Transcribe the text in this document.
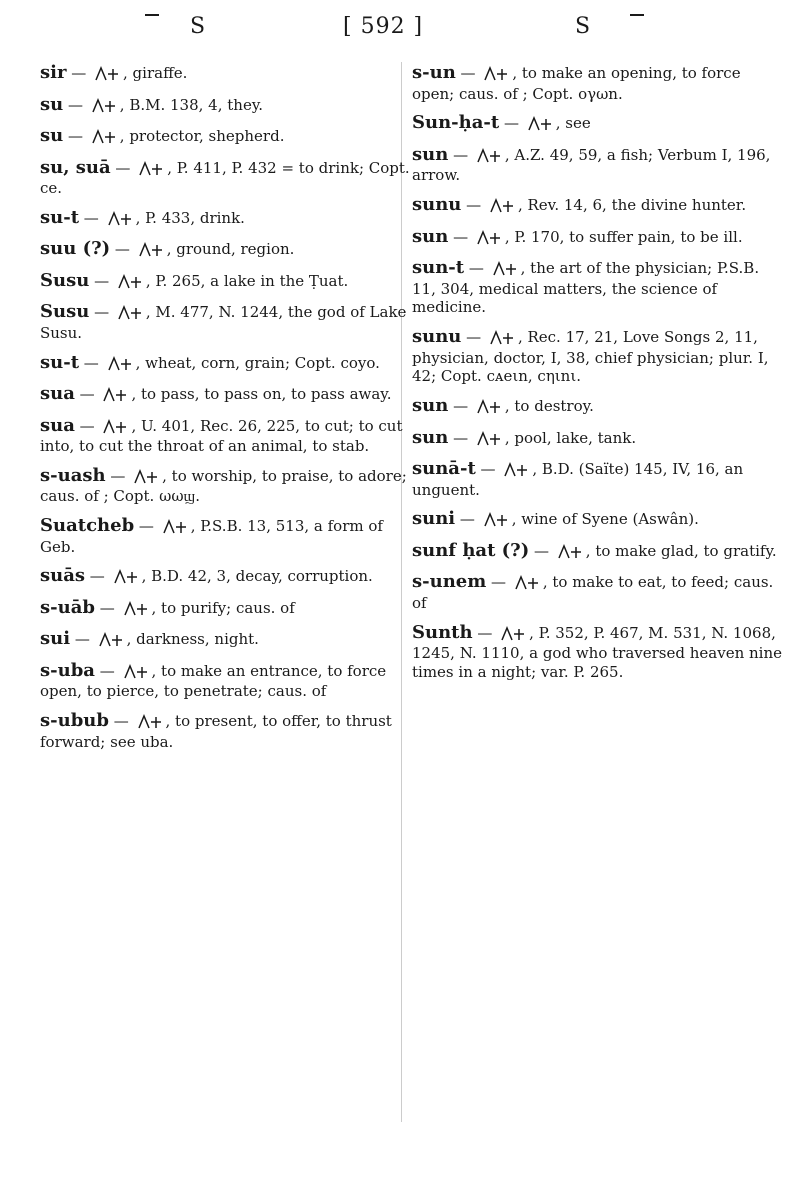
S	[ 592 ]	S
sir —
, giraffe.
su —
, B.M. 138, 4, they.
su —
, protector, shepherd.
su, suā —
, P. 411, P. 432 = to drink; Copt. ce.
su-t —
, P. 433, drink.
suu (?) —
, ground, region.
Susu —
, P. 265, a lake in the Ṭuat.
Susu —
, M. 477, N. 1244, the god of Lake Susu.
su-t —
, wheat, corn, grain; Copt. coyo.
sua —
, to pass, to pass on, to pass away.
sua —
, U. 401, Rec. 26, 225, to cut; to cut into, to cut the throat of an animal, to stab.
s-uash —
, to worship, to praise, to adore; caus. of ; Copt. ωωϣ.
Suatcheb —
, P.S.B. 13, 513, a form of Geb.
suās —
, B.D. 42, 3, decay, corruption.
s-uāb —
, to purify; caus. of
sui —
, darkness, night.
s-uba —
, to make an entrance, to force open, to pierce, to penetrate; caus. of
s-ubub —
, to present, to offer, to thrust forward; see uba.
s-un —
, to make an opening, to force open; caus. of ; Copt. oγωn.
Sun-ḥa-t —
, see
sun —
, A.Z. 49, 59, a fish; Verbum I, 196, arrow.
sunu —
, Rev. 14, 6, the divine hunter.
sun —
, P. 170, to suffer pain, to be ill.
sun-t —
, the art of the physician; P.S.B. 11, 304, medical matters, the science of medicine.
sunu —
, Rec. 17, 21, Love Songs 2, 11, physician, doctor, I, 38, chief physician; plur. I, 42; Copt. cᴀeιn, cηιnι.
sun —
, to destroy.
sun —
, pool, lake, tank.
sunā-t —
, B.D. (Saïte) 145, IV, 16, an unguent.
suni —
, wine of Syene (Aswân).
sunf ḥat (?) —
, to make glad, to gratify.
s-unem —
, to make to eat, to feed; caus. of
Sunth —
, P. 352, P. 467, M. 531, N. 1068, 1245, N. 1110, a god who traversed heaven nine times in a night; var. P. 265.
